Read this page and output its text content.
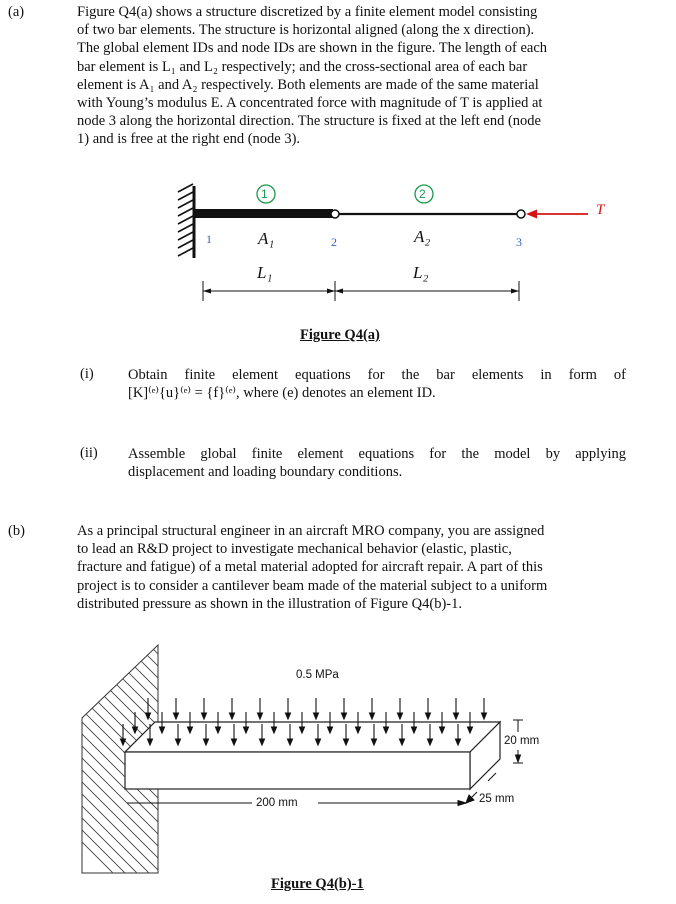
(a)	Figure Q4(a) shows a structure discretized by a finite element model consisting
of two bar elements. The structure is horizontal aligned (along the x direction).
The global element IDs and node IDs are shown in the figure. The length of each
bar element is L₁ and L₂ respectively; and the cross-sectional area of each bar
element is A₁ and A₂ respectively. Both elements are made of the same material
with Young’s modulus E. A concentrated force with magnitude of T is applied at
node 3 along the horizontal direction. The structure is fixed at the left end (node
1) and is free at the right end (node 3).
1	2
1	2	3
A₁	A₂
L₁	L₂
T
Figure Q4(a)
(i) Obtain finite element equations for the bar elements in form of
[K]⁽ᵉ⁾{u}⁽ᵉ⁾ = {f}⁽ᵉ⁾, where (e) denotes an element ID.
(ii) Assemble global finite element equations for the model by applying
displacement and loading boundary conditions.
(b)	As a principal structural engineer in an aircraft MRO company, you are assigned
to lead an R&D project to investigate mechanical behavior (elastic, plastic,
fracture and fatigue) of a metal material adopted for aircraft repair. A part of this
project is to consider a cantilever beam made of the material subject to a uniform
distributed pressure as shown in the illustration of Figure Q4(b)-1.
0.5 MPa
200 mm
20 mm
25 mm
Figure Q4(b)-1
